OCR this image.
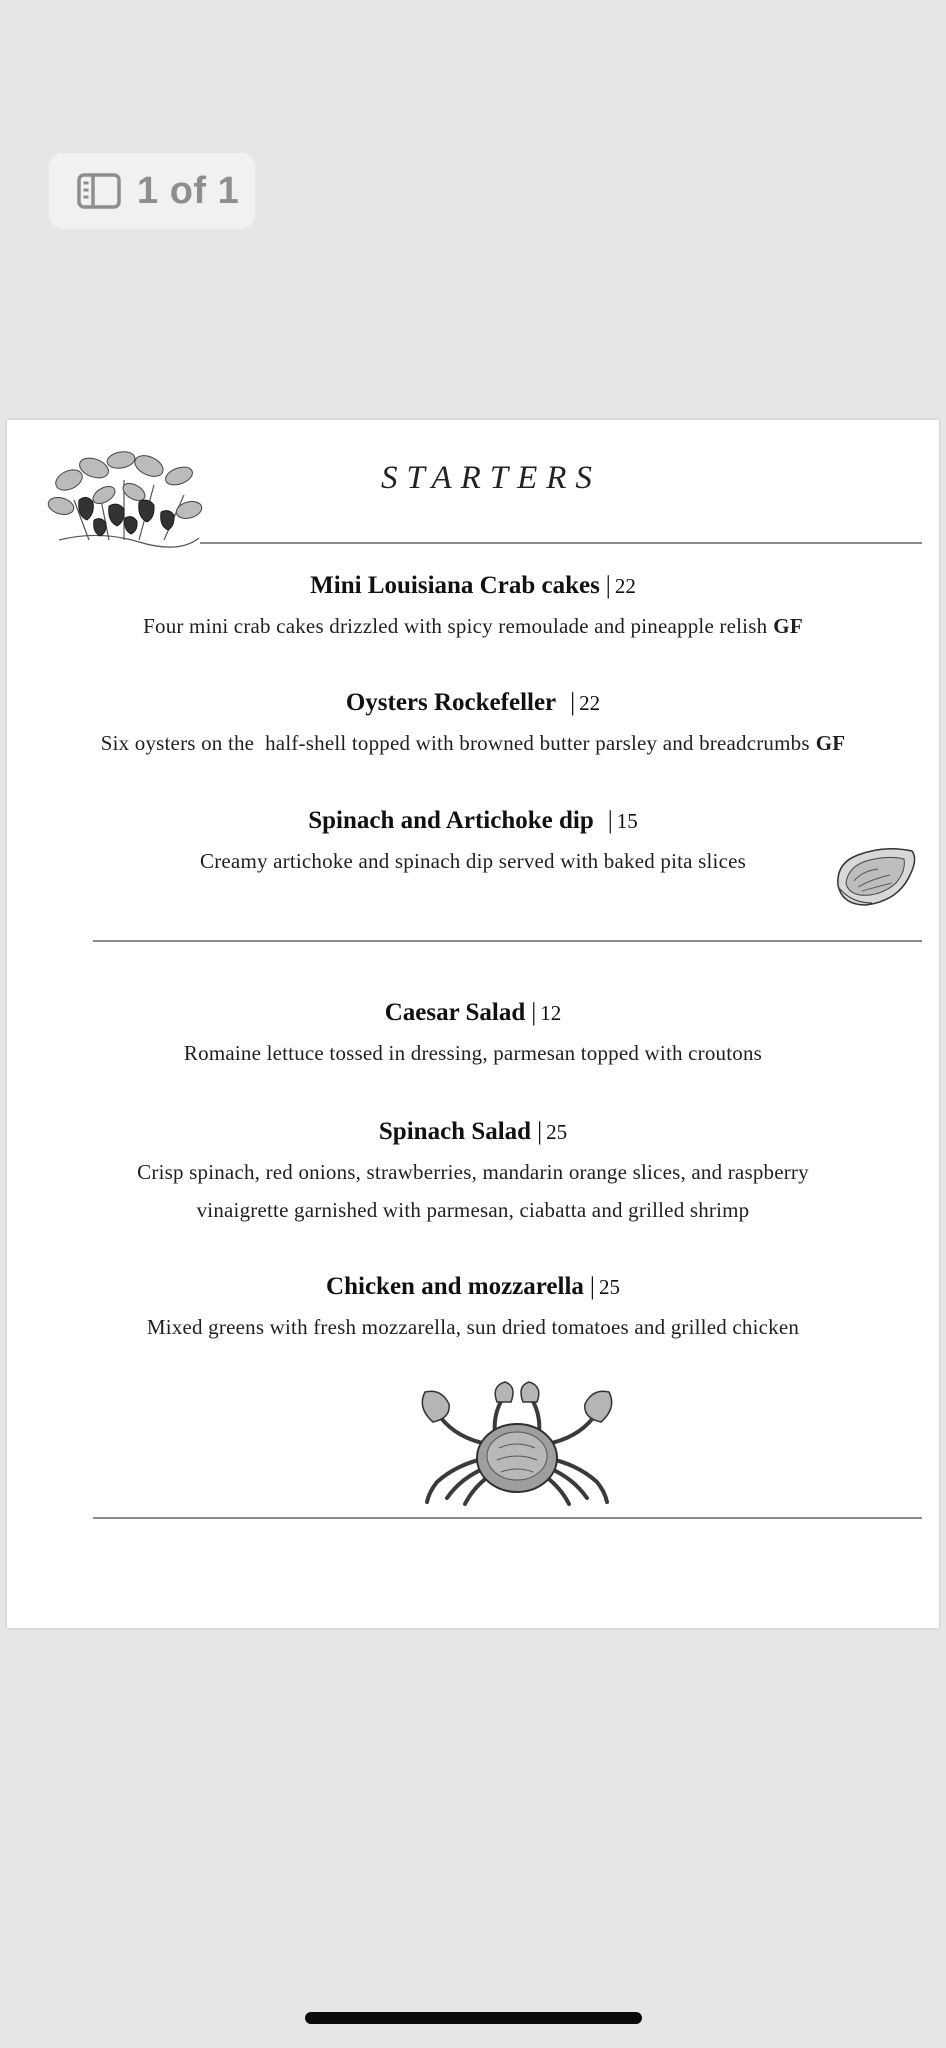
1 of 1
STARTERS
Mini Louisiana Crab cakes | 22
Four mini crab cakes drizzled with spicy remoulade and pineapple relish GF
Oysters Rockefeller | 22
Six oysters on the  half-shell topped with browned butter parsley and breadcrumbs GF
Spinach and Artichoke dip | 15
Creamy artichoke and spinach dip served with baked pita slices
Caesar Salad | 12
Romaine lettuce tossed in dressing, parmesan topped with croutons
Spinach Salad | 25
Crisp spinach, red onions, strawberries, mandarin orange slices, and raspberry
vinaigrette garnished with parmesan, ciabatta and grilled shrimp
Chicken and mozzarella | 25
Mixed greens with fresh mozzarella, sun dried tomatoes and grilled chicken
